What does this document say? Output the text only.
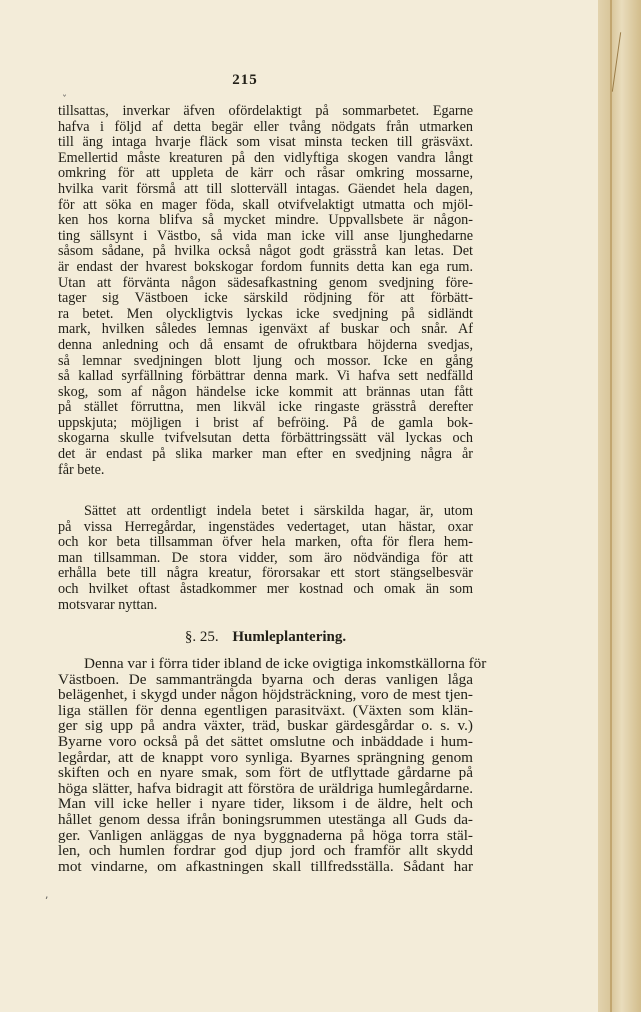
215
ˇ
tillsattas, inverkar äfven ofördelaktigt på sommarbetet. Egarne
hafva i följd af detta begär eller tvång nödgats från utmarken
till äng intaga hvarje fläck som visat minsta tecken till gräsväxt.
Emellertid måste kreaturen på den vidlyftiga skogen vandra långt
omkring för att uppleta de kärr och råsar omkring mossarne,
hvilka varit försmå att till slotterväll intagas. Gäendet hela dagen,
för att söka en mager föda, skall otvifvelaktigt utmatta och mjöl-
ken hos korna blifva så mycket mindre. Uppvallsbete är någon-
ting sällsynt i Västbo, så vida man icke vill anse ljunghedarne
såsom sådane, på hvilka också något godt grässtrå kan letas. Det
är endast der hvarest bokskogar fordom funnits detta kan ega rum.
Utan att förvänta någon sädesafkastning genom svedjning före-
tager sig Västboen icke särskild rödjning för att förbätt-
ra betet. Men olyckligtvis lyckas icke svedjning på sidländt
mark, hvilken således lemnas igenväxt af buskar och snår. Af
denna anledning och då ensamt de ofruktbara höjderna svedjas,
så lemnar svedjningen blott ljung och mossor. Icke en gång
så kallad syrfällning förbättrar denna mark. Vi hafva sett nedfälld
skog, som af någon händelse icke kommit att brännas utan fått
på stället förruttna, men likväl icke ringaste grässtrå derefter
uppskjuta; möjligen i brist af befröing. På de gamla bok-
skogarna skulle tvifvelsutan detta förbättringssätt väl lyckas och
det är endast på slika marker man efter en svedjning några år
får bete.
Sättet att ordentligt indela betet i särskilda hagar, är, utom
på vissa Herregårdar, ingenstädes vedertaget, utan hästar, oxar
och kor beta tillsamman öfver hela marken, ofta för flera hem-
man tillsamman. De stora vidder, som äro nödvändiga för att
erhålla bete till några kreatur, förorsakar ett stort stängselbesvär
och hvilket oftast åstadkommer mer kostnad och omak än som
motsvarar nyttan.
§. 25. Humleplantering.
Denna var i förra tider ibland de icke ovigtiga inkomstkällorna för
Västboen. De sammanträngda byarna och deras vanligen låga
belägenhet, i skygd under någon höjdsträckning, voro de mest tjen-
liga ställen för denna egentligen parasitväxt. (Växten som klän-
ger sig upp på andra växter, träd, buskar gärdesgårdar o. s. v.)
Byarne voro också på det sättet omslutne och inbäddade i hum-
legårdar, att de knappt voro synliga. Byarnes sprängning genom
skiften och en nyare smak, som fört de utflyttade gårdarne på
höga slätter, hafva bidragit att förstöra de uräldriga humlegårdarne.
Man vill icke heller i nyare tider, liksom i de äldre, helt och
hållet genom dessa ifrån boningsrummen utestänga all Guds da-
ger. Vanligen anläggas de nya byggnaderna på höga torra stäl-
len, och humlen fordrar god djup jord och framför allt skydd
mot vindarne, om afkastningen skall tillfredsställa. Sådant har
’
